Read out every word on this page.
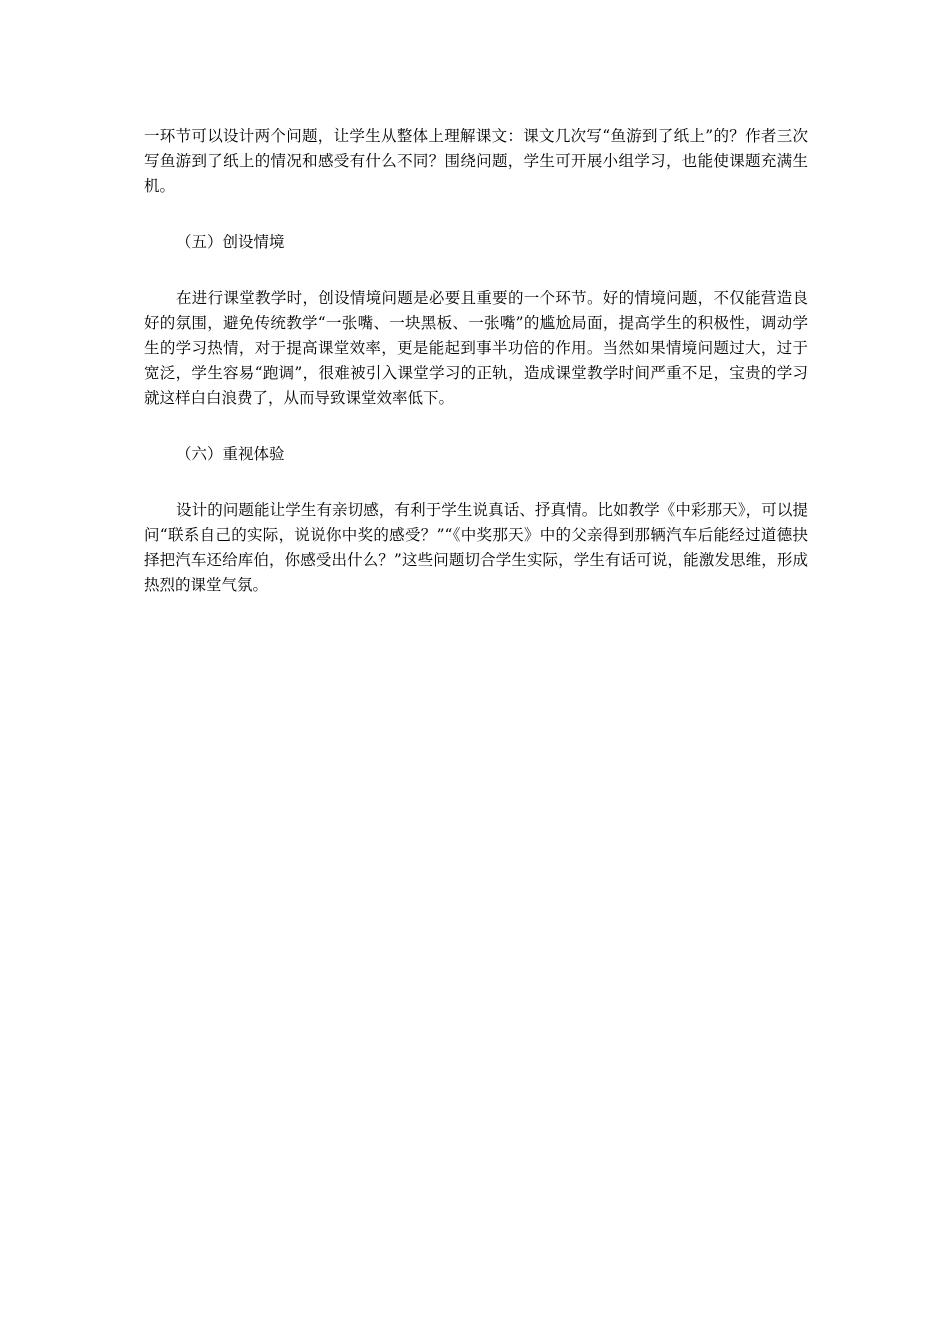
一环节可以设计两个问题，让学生从整体上理解课文：课文几次写“鱼游到了纸上”的？作者三次写鱼游到了纸上的情况和感受有什么不同？围绕问题，学生可开展小组学习，也能使课题充满生机。

（五）创设情境

在进行课堂教学时，创设情境问题是必要且重要的一个环节。好的情境问题，不仅能营造良好的氛围，避免传统教学“一张嘴、一块黑板、一张嘴”的尴尬局面，提高学生的积极性，调动学生的学习热情，对于提高课堂效率，更是能起到事半功倍的作用。当然如果情境问题过大，过于宽泛，学生容易“跑调”，很难被引入课堂学习的正轨，造成课堂教学时间严重不足，宝贵的学习就这样白白浪费了，从而导致课堂效率低下。

（六）重视体验

设计的问题能让学生有亲切感，有利于学生说真话、抒真情。比如教学《中彩那天》，可以提问“联系自己的实际，说说你中奖的感受？”“《中奖那天》中的父亲得到那辆汽车后能经过道德抉择把汽车还给库伯，你感受出什么？”这些问题切合学生实际，学生有话可说，能激发思维，形成热烈的课堂气氛。
